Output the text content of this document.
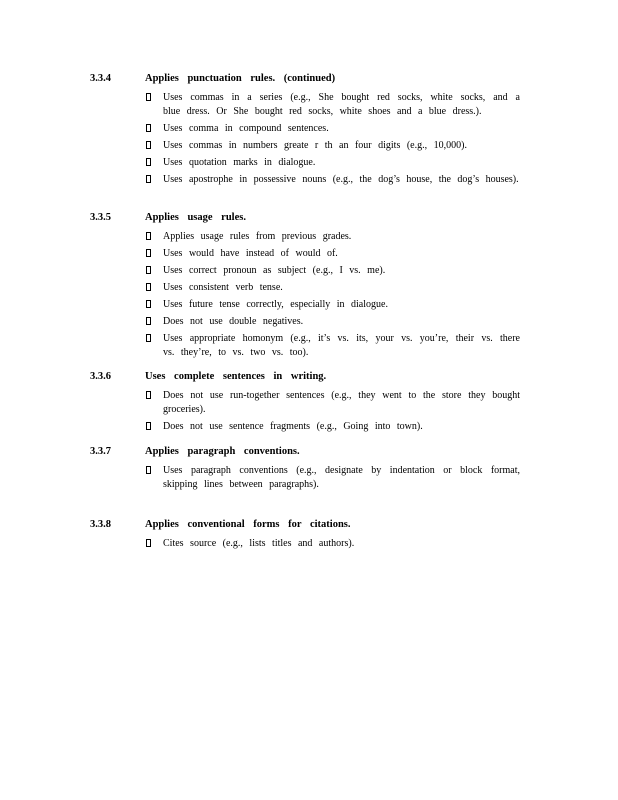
3.3.4	Applies punctuation rules. (continued)
Uses commas in a series (e.g., She bought red socks, white socks, and a blue dress. Or She bought red socks, white shoes and a blue dress.).
Uses comma in compound sentences.
Uses commas in numbers greate r th an four digits (e.g., 10,000).
Uses quotation marks in dialogue.
Uses apostrophe in possessive nouns (e.g., the dog’s house, the dog’s houses).
3.3.5	Applies usage rules.
Applies usage rules from previous grades.
Uses would have instead of would of.
Uses correct pronoun as subject (e.g., I vs. me).
Uses consistent verb tense.
Uses future tense correctly, especially in dialogue.
Does not use double negatives.
Uses appropriate homonym (e.g., it’s vs. its, your vs. you’re, their vs. there vs. they’re, to vs. two vs. too).
3.3.6	Uses complete sentences in writing.
Does not use run-together sentences (e.g., they went to the store they bought groceries).
Does not use sentence fragments (e.g., Going into town).
3.3.7	Applies paragraph conventions.
Uses paragraph conventions (e.g., designate by indentation or block format, skipping lines between paragraphs).
3.3.8	Applies conventional forms for citations.
Cites source (e.g., lists titles and authors).
